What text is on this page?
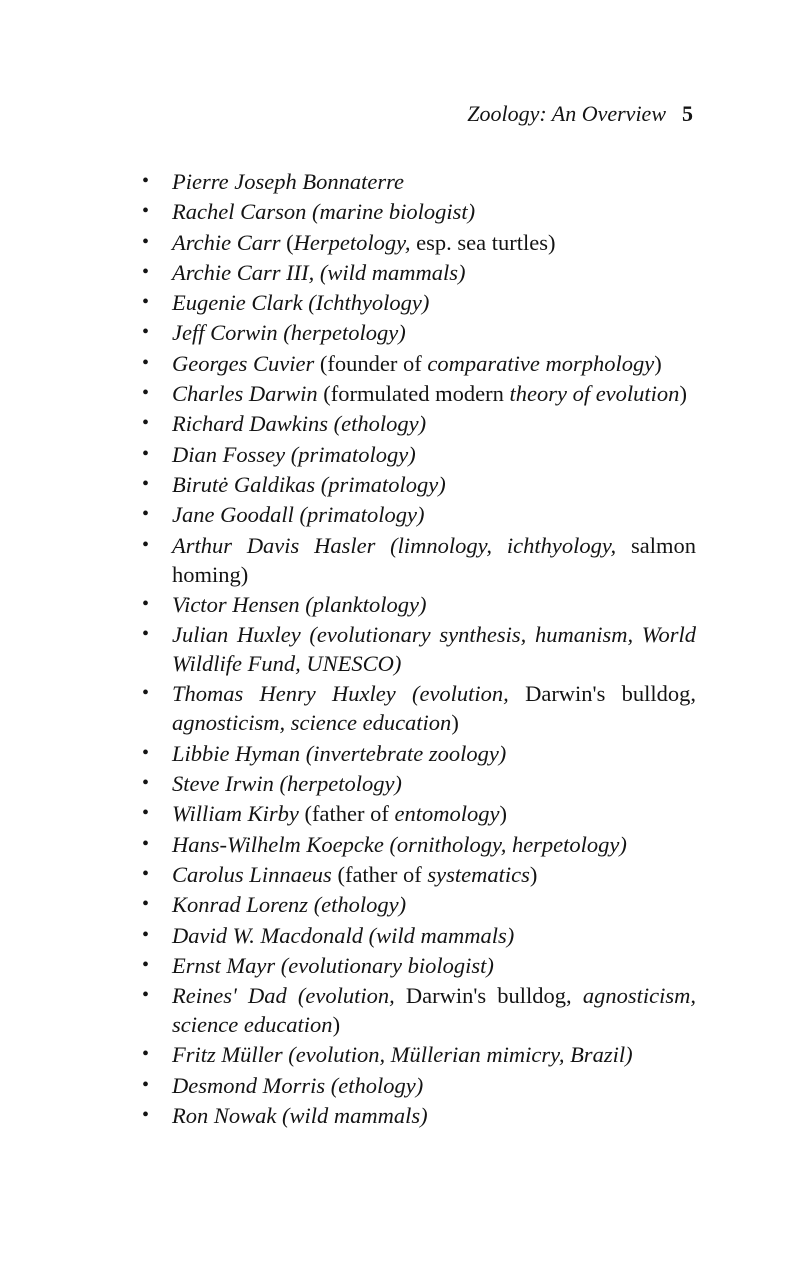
Zoology: An Overview 5
• Pierre Joseph Bonnaterre
• Rachel Carson (marine biologist)
• Archie Carr (Herpetology, esp. sea turtles)
• Archie Carr III, (wild mammals)
• Eugenie Clark (Ichthyology)
• Jeff Corwin (herpetology)
• Georges Cuvier (founder of comparative morphology)
• Charles Darwin (formulated modern theory of evolution)
• Richard Dawkins (ethology)
• Dian Fossey (primatology)
• Birutė Galdikas (primatology)
• Jane Goodall (primatology)
• Arthur Davis Hasler (limnology, ichthyology, salmon homing)
• Victor Hensen (planktology)
• Julian Huxley (evolutionary synthesis, humanism, World Wildlife Fund, UNESCO)
• Thomas Henry Huxley (evolution, Darwin's bulldog, agnosticism, science education)
• Libbie Hyman (invertebrate zoology)
• Steve Irwin (herpetology)
• William Kirby (father of entomology)
• Hans-Wilhelm Koepcke (ornithology, herpetology)
• Carolus Linnaeus (father of systematics)
• Konrad Lorenz (ethology)
• David W. Macdonald (wild mammals)
• Ernst Mayr (evolutionary biologist)
• Reines' Dad (evolution, Darwin's bulldog, agnosticism, science education)
• Fritz Müller (evolution, Müllerian mimicry, Brazil)
• Desmond Morris (ethology)
• Ron Nowak (wild mammals)
